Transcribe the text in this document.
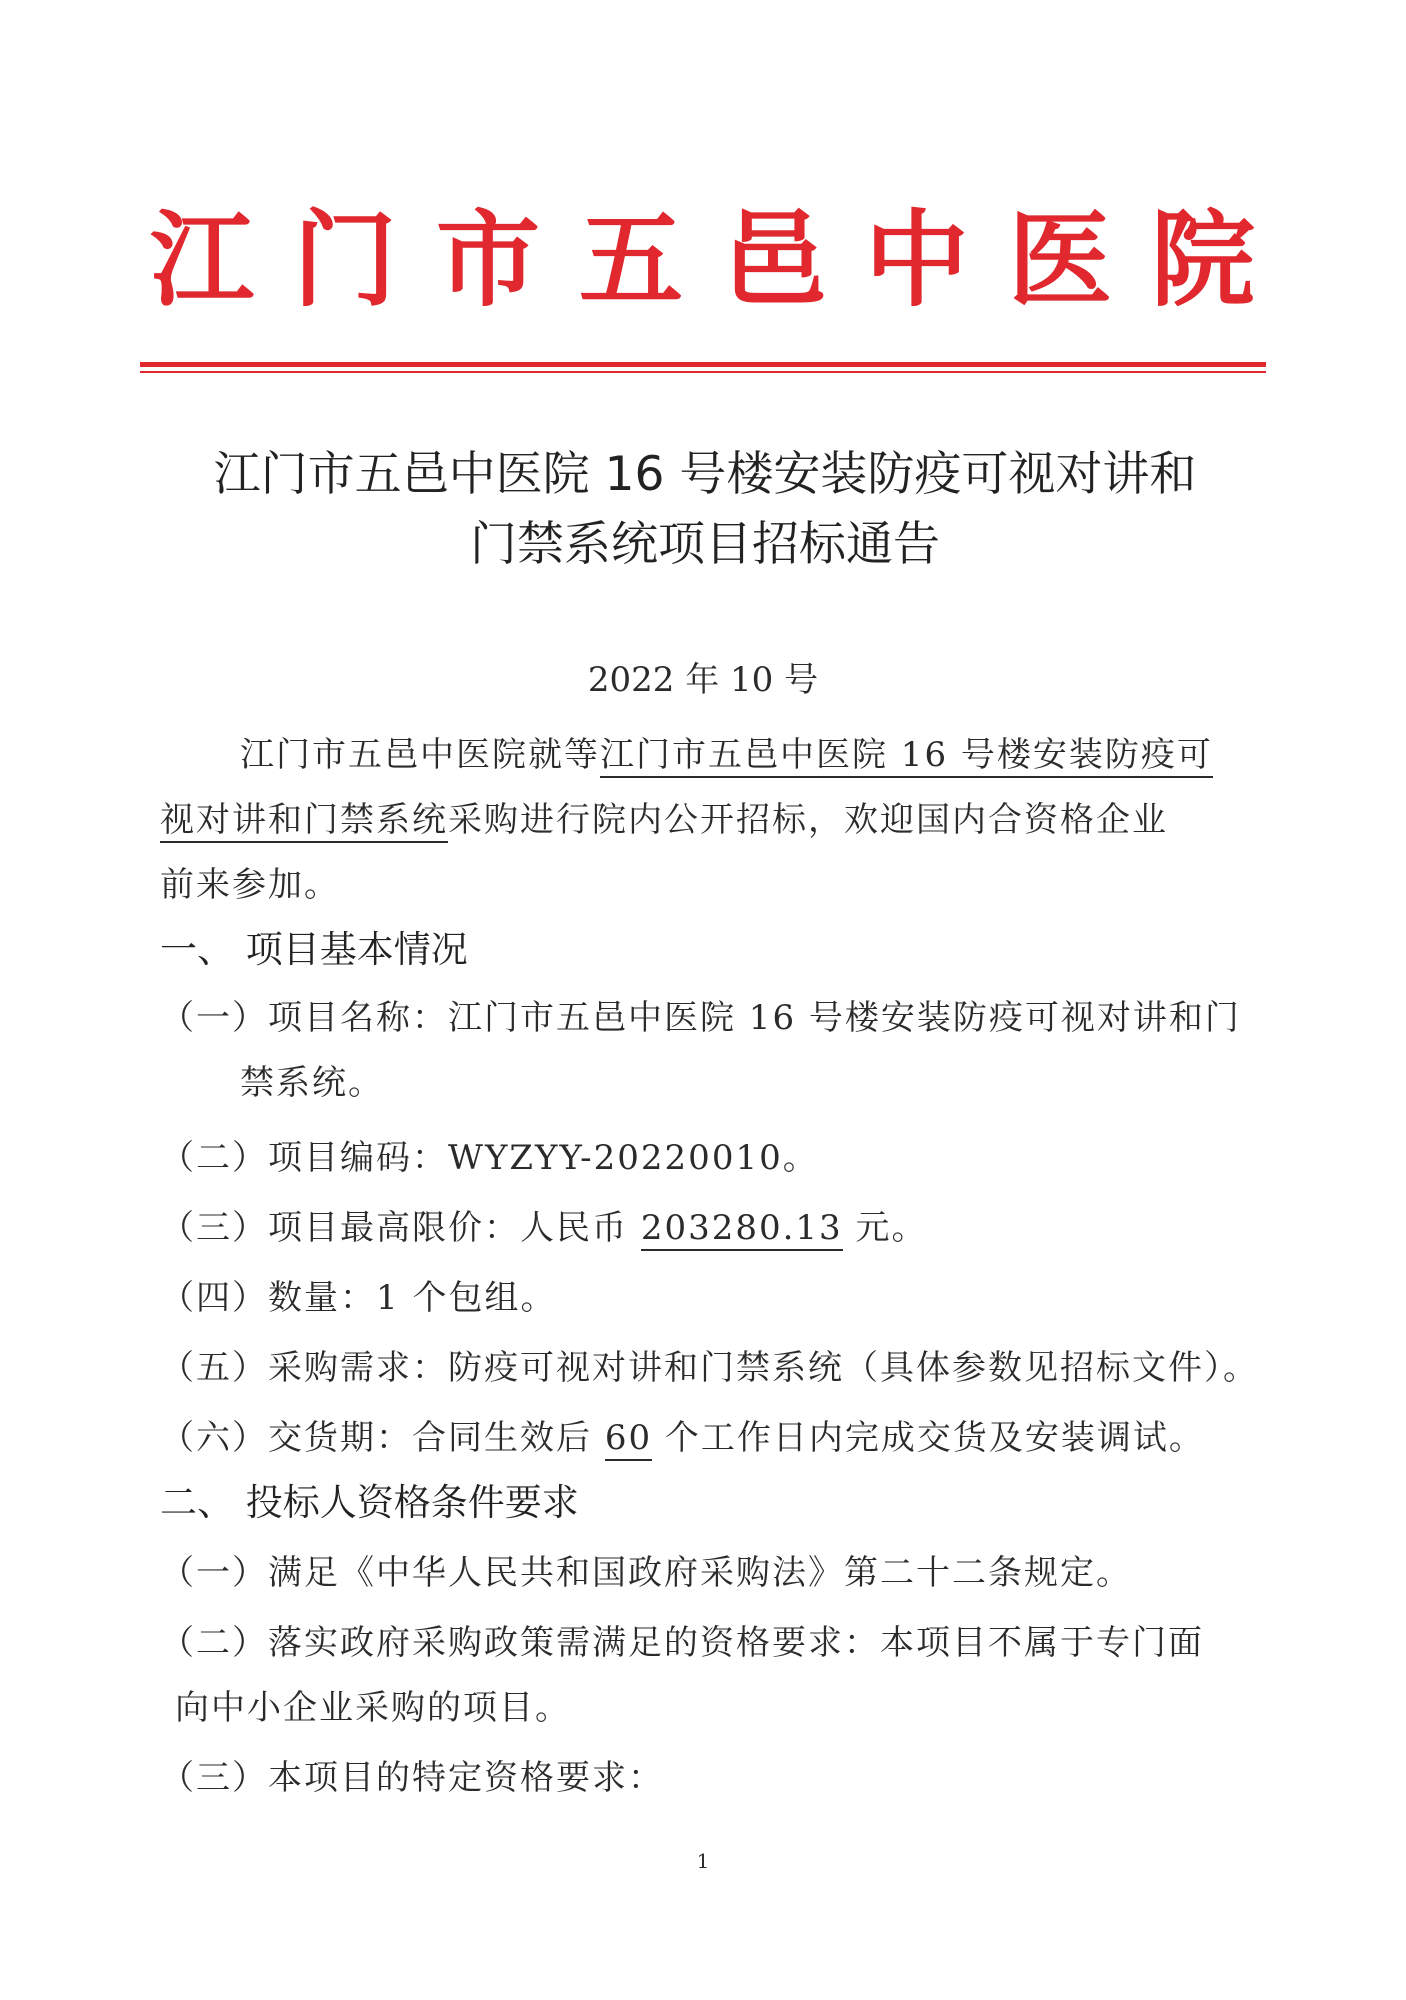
江 门 市 五 邑 中 医 院
江门市五邑中医院 16 号楼安装防疫可视对讲和
门禁系统项目招标通告
2022 年 10 号
江门市五邑中医院就等江门市五邑中医院 16 号楼安装防疫可
视对讲和门禁系统采购进行院内公开招标，欢迎国内合资格企业
前来参加。
一、 项目基本情况
（一）项目名称：江门市五邑中医院 16 号楼安装防疫可视对讲和门
禁系统。
（二）项目编码：WYZYY-20220010。
（三）项目最高限价：人民币 203280.13 元。
（四）数量：1 个包组。
（五）采购需求：防疫可视对讲和门禁系统（具体参数见招标文件）。
（六）交货期：合同生效后 60 个工作日内完成交货及安装调试。
二、 投标人资格条件要求
（一）满足《中华人民共和国政府采购法》第二十二条规定。
（二）落实政府采购政策需满足的资格要求：本项目不属于专门面
向中小企业采购的项目。
（三）本项目的特定资格要求：
1
